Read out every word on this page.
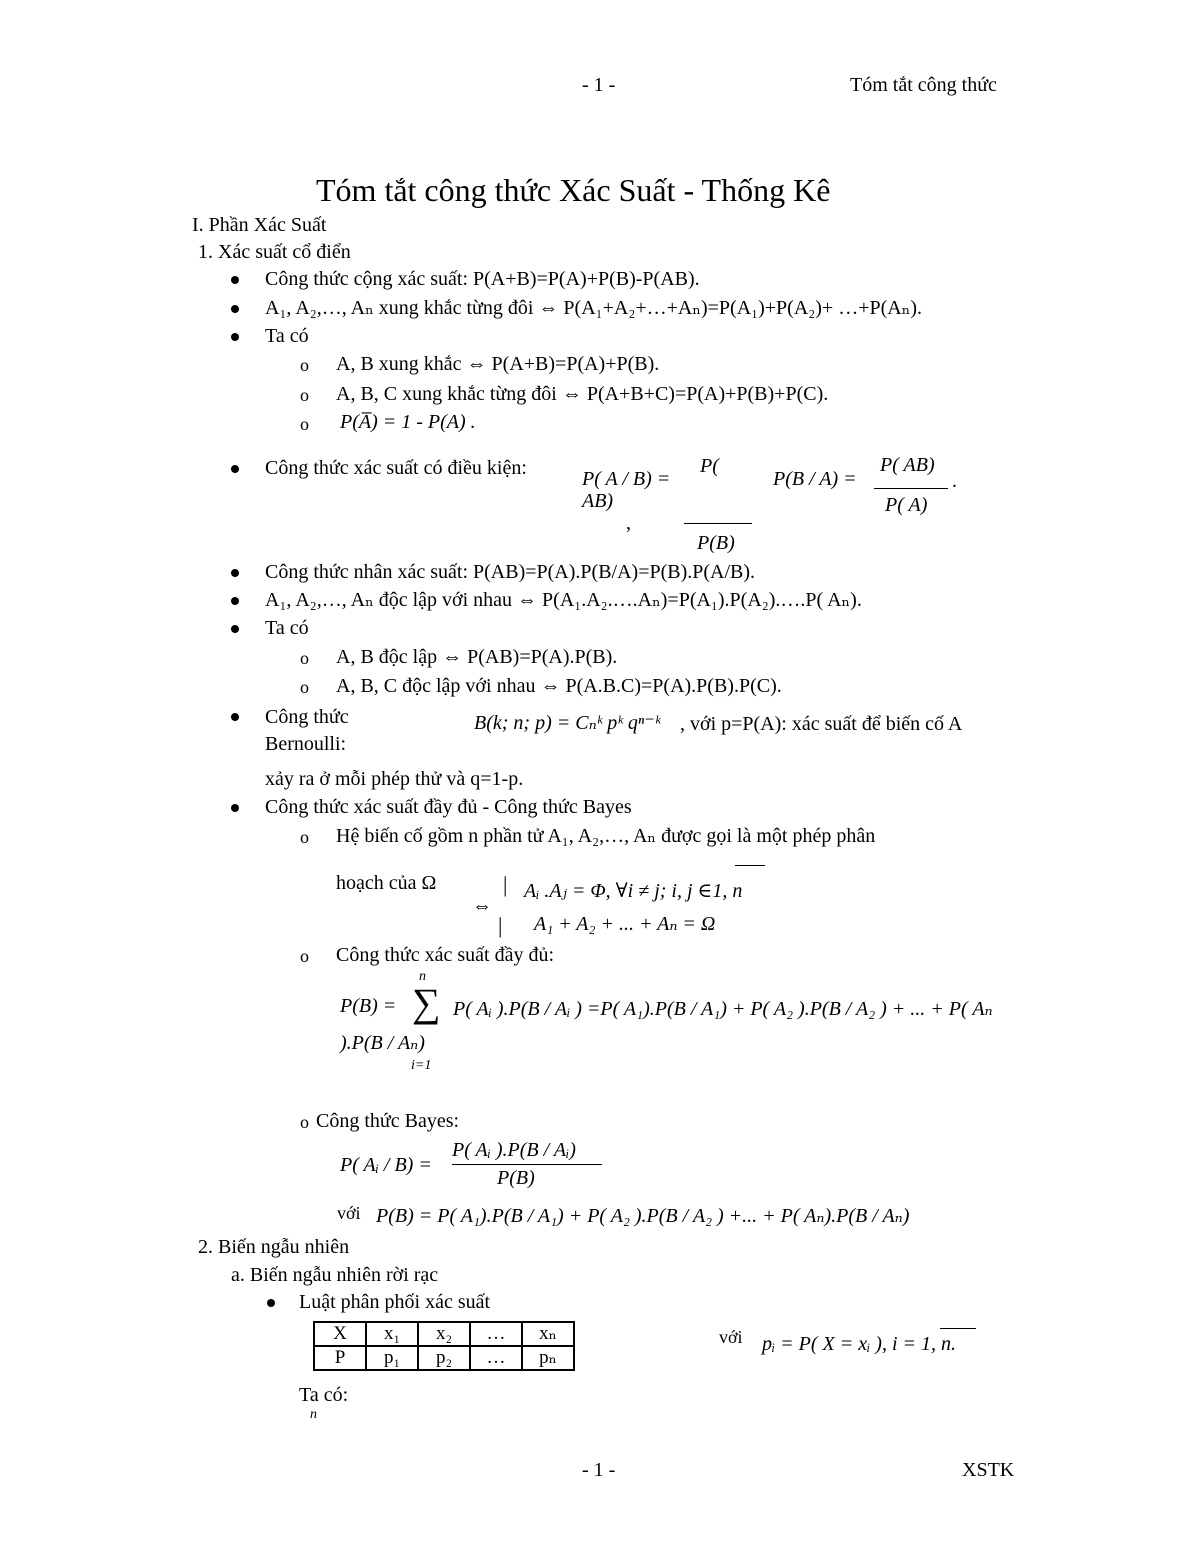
- 1 -	Tóm tắt công thức
Tóm tắt công thức Xác Suất - Thống Kê
I. Phần Xác Suất
1. Xác suất cổ điển
Công thức cộng xác suất: P(A+B)=P(A)+P(B)-P(AB).
A₁, A₂,…, Aₙ xung khắc từng đôi ⇔ P(A₁+A₂+…+Aₙ)=P(A₁)+P(A₂)+ …+P(Aₙ).
Ta có
o A, B xung khắc ⇔ P(A+B)=P(A)+P(B).
o A, B, C xung khắc từng đôi ⇔ P(A+B+C)=P(A)+P(B)+P(C).
o P(A̅) = 1 - P(A) .
Công thức xác suất có điều kiện:	P( A / B) =
P(
AB)
,
P(B)
P(B / A) =
P( AB)
P( A)
.
Công thức nhân xác suất: P(AB)=P(A).P(B/A)=P(B).P(A/B).
A₁, A₂,…, Aₙ độc lập với nhau ⇔ P(A₁.A₂.….Aₙ)=P(A₁).P(A₂).….P( Aₙ).
Ta có
o A, B độc lập ⇔ P(AB)=P(A).P(B).
o A, B, C độc lập với nhau ⇔ P(A.B.C)=P(A).P(B).P(C).
Công thức
Bernoulli:
B(k; n; p) = Cₙᵏ pᵏ qⁿ⁻ᵏ , với p=P(A): xác suất để biến cố A
xảy ra ở mỗi phép thử và q=1-p.
Công thức xác suất đầy đủ - Công thức Bayes
o Hệ biến cố gồm n phần tử A₁, A₂,…, Aₙ được gọi là một phép phân
hoạch của Ω
⇔
|
|
Aᵢ .Aⱼ = Φ, ∀i ≠ j; i, j ∈1, n
A₁ + A₂ + ... + Aₙ = Ω
o Công thức xác suất đầy đủ:
n
P(B) = ∑ P( Aᵢ ).P(B / Aᵢ ) =P( A₁).P(B / A₁) + P( A₂ ).P(B / A₂ ) + ... + P( Aₙ
).P(B / Aₙ)
i=1
o Công thức Bayes:
P( Aᵢ / B) =
P( Aᵢ ).P(B / Aᵢ)
P(B)
với P(B) = P( A₁).P(B / A₁) + P( A₂ ).P(B / A₂ ) +... + P( Aₙ).P(B / Aₙ)
2. Biến ngẫu nhiên
a. Biến ngẫu nhiên rời rạc
Luật phân phối xác suất
X	x₁	x₂	…	xₙ
P	p₁	p₂	…	pₙ
với pᵢ = P( X = xᵢ ), i = 1, n.
Ta có:
n
- 1 -	XSTK
